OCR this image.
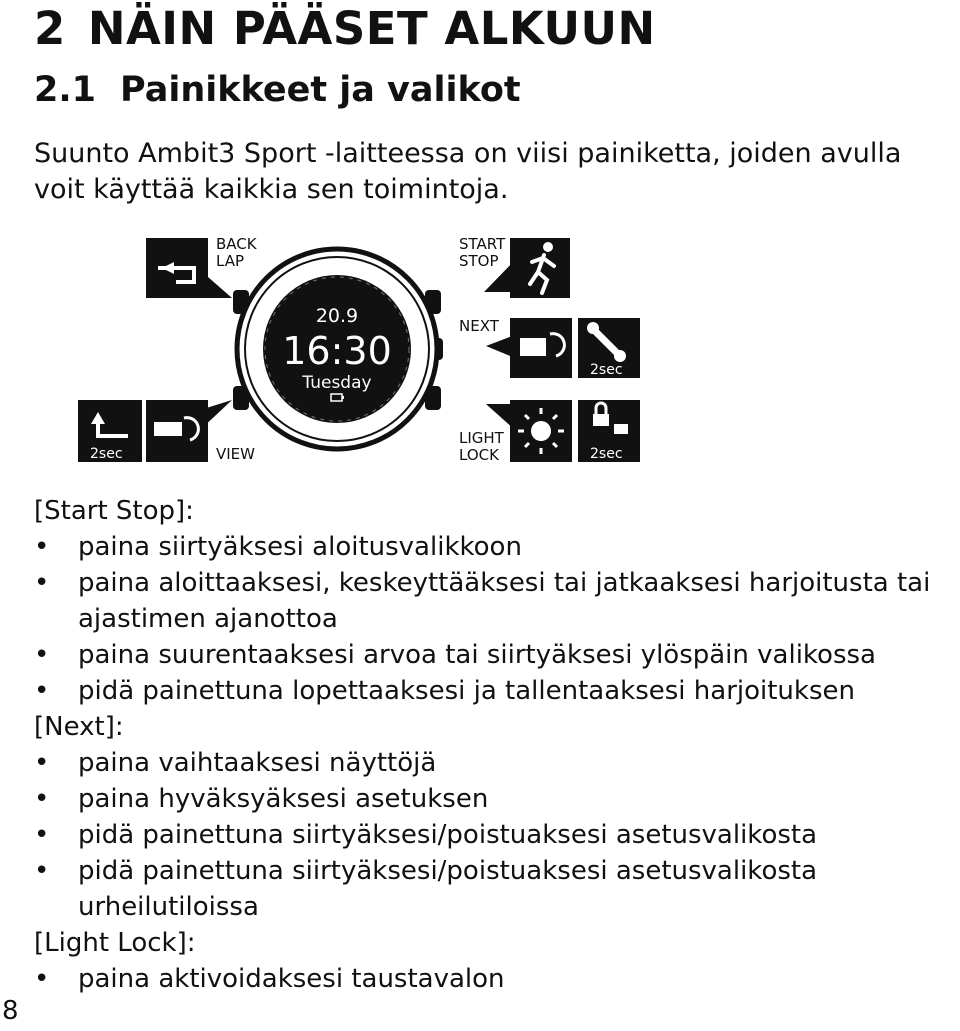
2 NÄIN PÄÄSET ALKUUN
2.1 Painikkeet ja valikot

Suunto Ambit3 Sport -laitteessa on viisi painiketta, joiden avulla voit käyttää kaikkia sen toimintoja.

BACK
LAP
START
STOP
NEXT
2sec
20.9
16:30
Tuesday
2sec	VIEW	2sec
LIGHT
LOCK

[Start Stop]:

• paina siirtyäksesi aloitusvalikkoon
• paina aloittaaksesi, keskeyttääksesi tai jatkaaksesi harjoitusta tai ajastimen ajanottoa
• paina suurentaaksesi arvoa tai siirtyäksesi ylöspäin valikossa
• pidä painettuna lopettaaksesi ja tallentaaksesi harjoituksen

[Next]:

• paina vaihtaaksesi näyttöjä
• paina hyväksyäksesi asetuksen
• pidä painettuna siirtyäksesi/poistuaksesi asetusvalikosta
• pidä painettuna siirtyäksesi/poistuaksesi asetusvalikosta urheilutiloissa

[Light Lock]:

• paina aktivoidaksesi taustavalon
8
